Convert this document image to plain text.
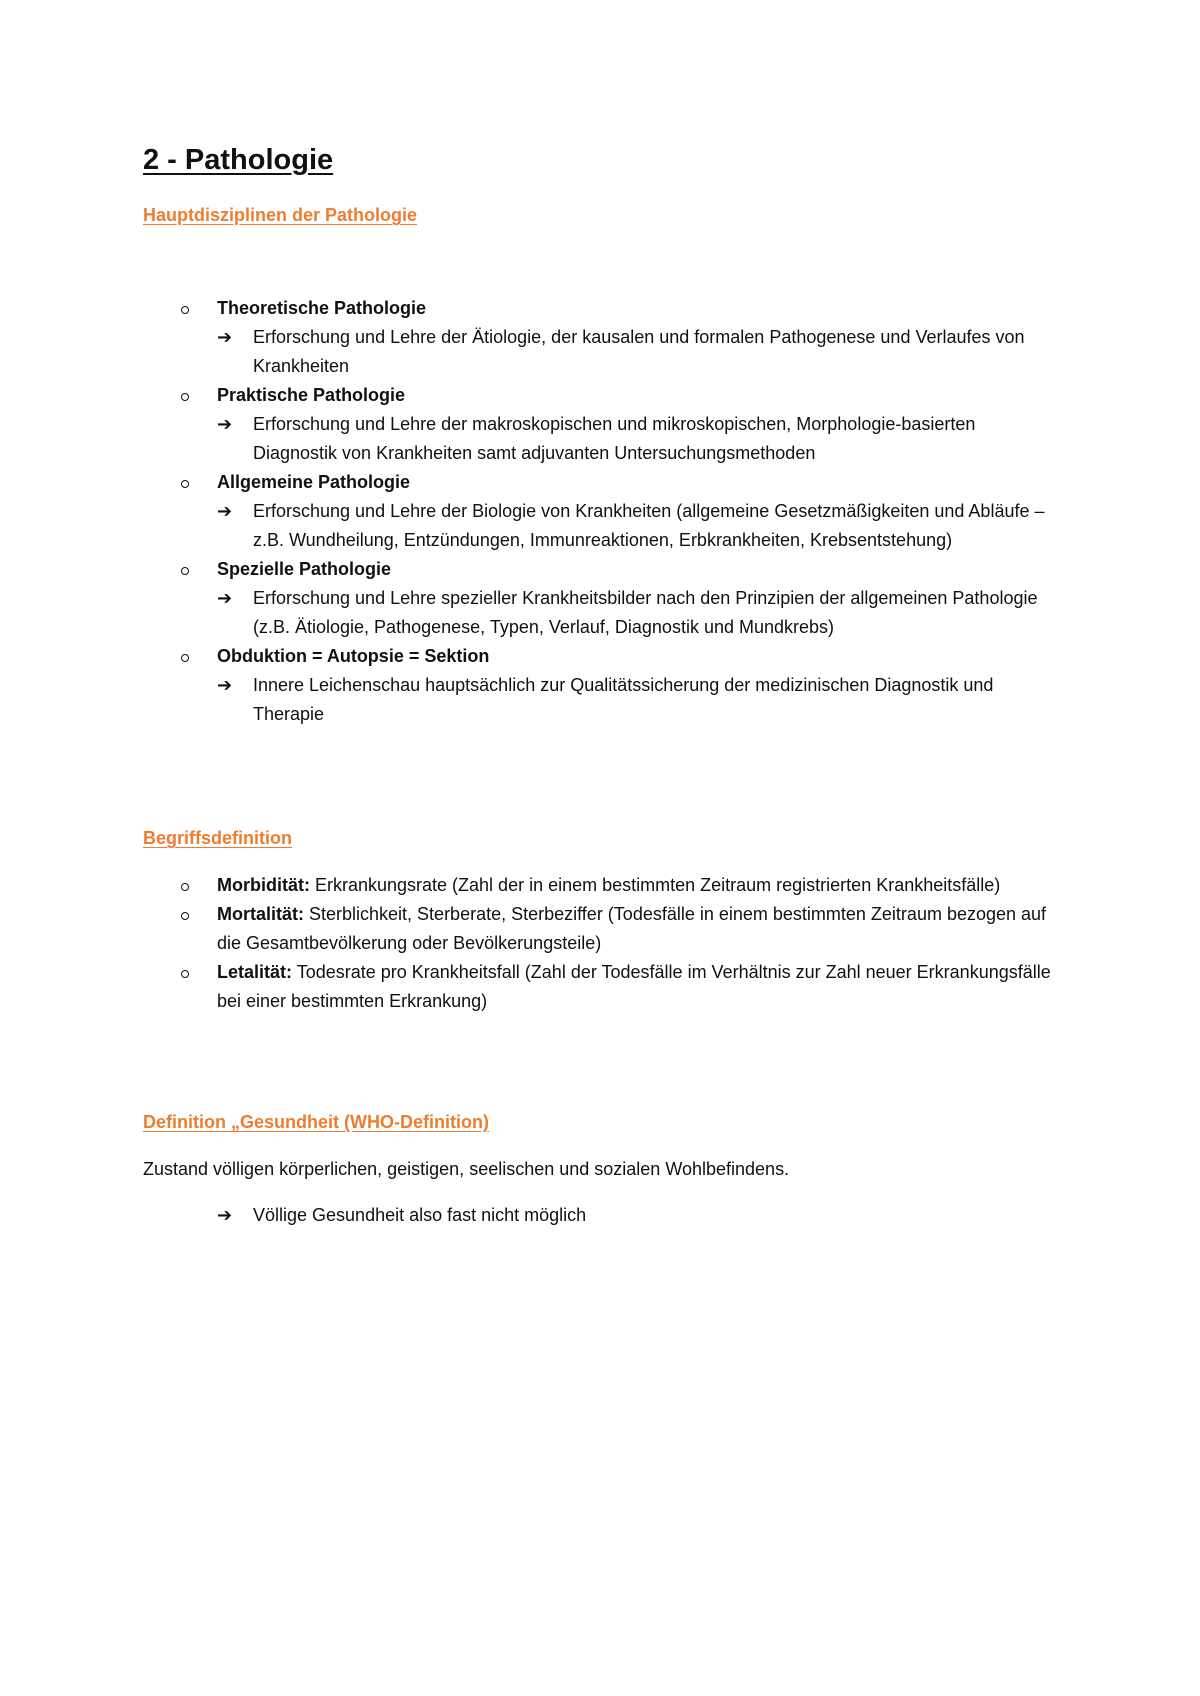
2 - Pathologie
Hauptdisziplinen der Pathologie
Theoretische Pathologie
➔ Erforschung und Lehre der Ätiologie, der kausalen und formalen Pathogenese und Verlaufes von Krankheiten
Praktische Pathologie
➔ Erforschung und Lehre der makroskopischen und mikroskopischen, Morphologie-basierten Diagnostik von Krankheiten samt adjuvanten Untersuchungsmethoden
Allgemeine Pathologie
➔ Erforschung und Lehre der Biologie von Krankheiten (allgemeine Gesetzmäßigkeiten und Abläufe – z.B. Wundheilung, Entzündungen, Immunreaktionen, Erbkrankheiten, Krebsentstehung)
Spezielle Pathologie
➔ Erforschung und Lehre spezieller Krankheitsbilder nach den Prinzipien der allgemeinen Pathologie (z.B. Ätiologie, Pathogenese, Typen, Verlauf, Diagnostik und Mundkrebs)
Obduktion = Autopsie = Sektion
➔ Innere Leichenschau hauptsächlich zur Qualitätssicherung der medizinischen Diagnostik und Therapie
Begriffsdefinition
Morbidität: Erkrankungsrate (Zahl der in einem bestimmten Zeitraum registrierten Krankheitsfälle)
Mortalität: Sterblichkeit, Sterberate, Sterbeziffer (Todesfälle in einem bestimmten Zeitraum bezogen auf die Gesamtbevölkerung oder Bevölkerungsteile)
Letalität: Todesrate pro Krankheitsfall (Zahl der Todesfälle im Verhältnis zur Zahl neuer Erkrankungsfälle bei einer bestimmten Erkrankung)
Definition „Gesundheit (WHO-Definition)

Zustand völligen körperlichen, geistigen, seelischen und sozialen Wohlbefindens.

➔ Völlige Gesundheit also fast nicht möglich
